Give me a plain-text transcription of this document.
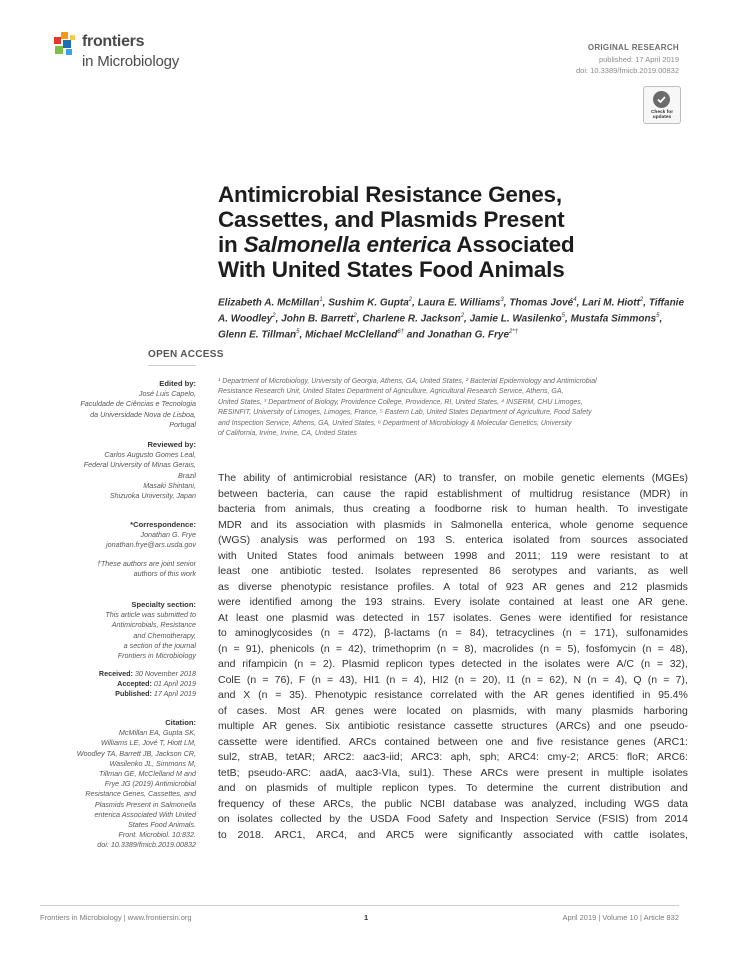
frontiers
in Microbiology
ORIGINAL RESEARCH
published: 17 April 2019
doi: 10.3389/fmicb.2019.00832
Check for updates
Antimicrobial Resistance Genes,
Cassettes, and Plasmids Present
in Salmonella enterica Associated
With United States Food Animals
Elizabeth A. McMillan$^1$, Sushim K. Gupta$^2$, Laura E. Williams$^3$, Thomas Jové$^4$, Lari M. Hiott$^2$, Tiffanie A. Woodley$^2$, John B. Barrett$^2$, Charlene R. Jackson$^2$, Jamie L. Wasilenko$^5$, Mustafa Simmons$^5$, Glenn E. Tillman$^5$, Michael McClelland$^{6\dagger}$ and Jonathan G. Frye$^{2*\dagger}$
¹ Department of Microbiology, University of Georgia, Athens, GA, United States, ² Bacterial Epidemiology and Antimicrobial
Resistance Research Unit, United States Department of Agriculture, Agricultural Research Service, Athens, GA,
United States, ³ Department of Biology, Providence College, Providence, RI, United States, ⁴ INSERM, CHU Limoges,
RESINFIT, University of Limoges, Limoges, France, ⁵ Eastern Lab, United States Department of Agriculture, Food Safety
and Inspection Service, Athens, GA, United States, ⁶ Department of Microbiology & Molecular Genetics, University
of California, Irvine, Irvine, CA, United States
OPEN ACCESS
Edited by:
José Luis Capelo,
Faculdade de Ciências e Tecnologia
da Universidade Nova de Lisboa,
Portugal
Reviewed by:
Carlos Augusto Gomes Leal,
Federal University of Minas Gerais,
Brazil
Masaki Shintani,
Shizuoka University, Japan
*Correspondence:
Jonathan G. Frye
jonathan.frye@ars.usda.gov
†These authors are joint senior
authors of this work
Specialty section:
This article was submitted to
Antimicrobials, Resistance
and Chemotherapy,
a section of the journal
Frontiers in Microbiology
Received: 30 November 2018
Accepted: 01 April 2019
Published: 17 April 2019
Citation:
McMillan EA, Gupta SK,
Williams LE, Jové T, Hiott LM,
Woodley TA, Barrett JB, Jackson CR,
Wasilenko JL, Simmons M,
Tillman GE, McClelland M and
Frye JG (2019) Antimicrobial
Resistance Genes, Cassettes, and
Plasmids Present in Salmonella
enterica Associated With United
States Food Animals.
Front. Microbiol. 10:832.
doi: 10.3389/fmicb.2019.00832
The ability of antimicrobial resistance (AR) to transfer, on mobile genetic elements (MGEs)
between bacteria, can cause the rapid establishment of multidrug resistance (MDR) in
bacteria from animals, thus creating a foodborne risk to human health. To investigate
MDR and its association with plasmids in Salmonella enterica, whole genome sequence
(WGS) analysis was performed on 193 S. enterica isolated from sources associated
with United States food animals between 1998 and 2011; 119 were resistant to at
least one antibiotic tested. Isolates represented 86 serotypes and variants, as well
as diverse phenotypic resistance profiles. A total of 923 AR genes and 212 plasmids
were identified among the 193 strains. Every isolate contained at least one AR gene.
At least one plasmid was detected in 157 isolates. Genes were identified for resistance
to aminoglycosides (n = 472), β-lactams (n = 84), tetracyclines (n = 171), sulfonamides
(n = 91), phenicols (n = 42), trimethoprim (n = 8), macrolides (n = 5), fosfomycin (n = 48),
and rifampicin (n = 2). Plasmid replicon types detected in the isolates were A/C (n = 32),
ColE (n = 76), F (n = 43), HI1 (n = 4), HI2 (n = 20), I1 (n = 62), N (n = 4), Q (n = 7),
and X (n = 35). Phenotypic resistance correlated with the AR genes identified in 95.4%
of cases. Most AR genes were located on plasmids, with many plasmids harboring
multiple AR genes. Six antibiotic resistance cassette structures (ARCs) and one pseudo-
cassette were identified. ARCs contained between one and five resistance genes (ARC1:
sul2, strAB, tetAR; ARC2: aac3-iid; ARC3: aph, sph; ARC4: cmy-2; ARC5: floR; ARC6:
tetB; pseudo-ARC: aadA, aac3-VIa, sul1). These ARCs were present in multiple isolates
and on plasmids of multiple replicon types. To determine the current distribution and
frequency of these ARCs, the public NCBI database was analyzed, including WGS data
on isolates collected by the USDA Food Safety and Inspection Service (FSIS) from 2014
to 2018. ARC1, ARC4, and ARC5 were significantly associated with cattle isolates,
Frontiers in Microbiology | www.frontiersin.org	1	April 2019 | Volume 10 | Article 832
